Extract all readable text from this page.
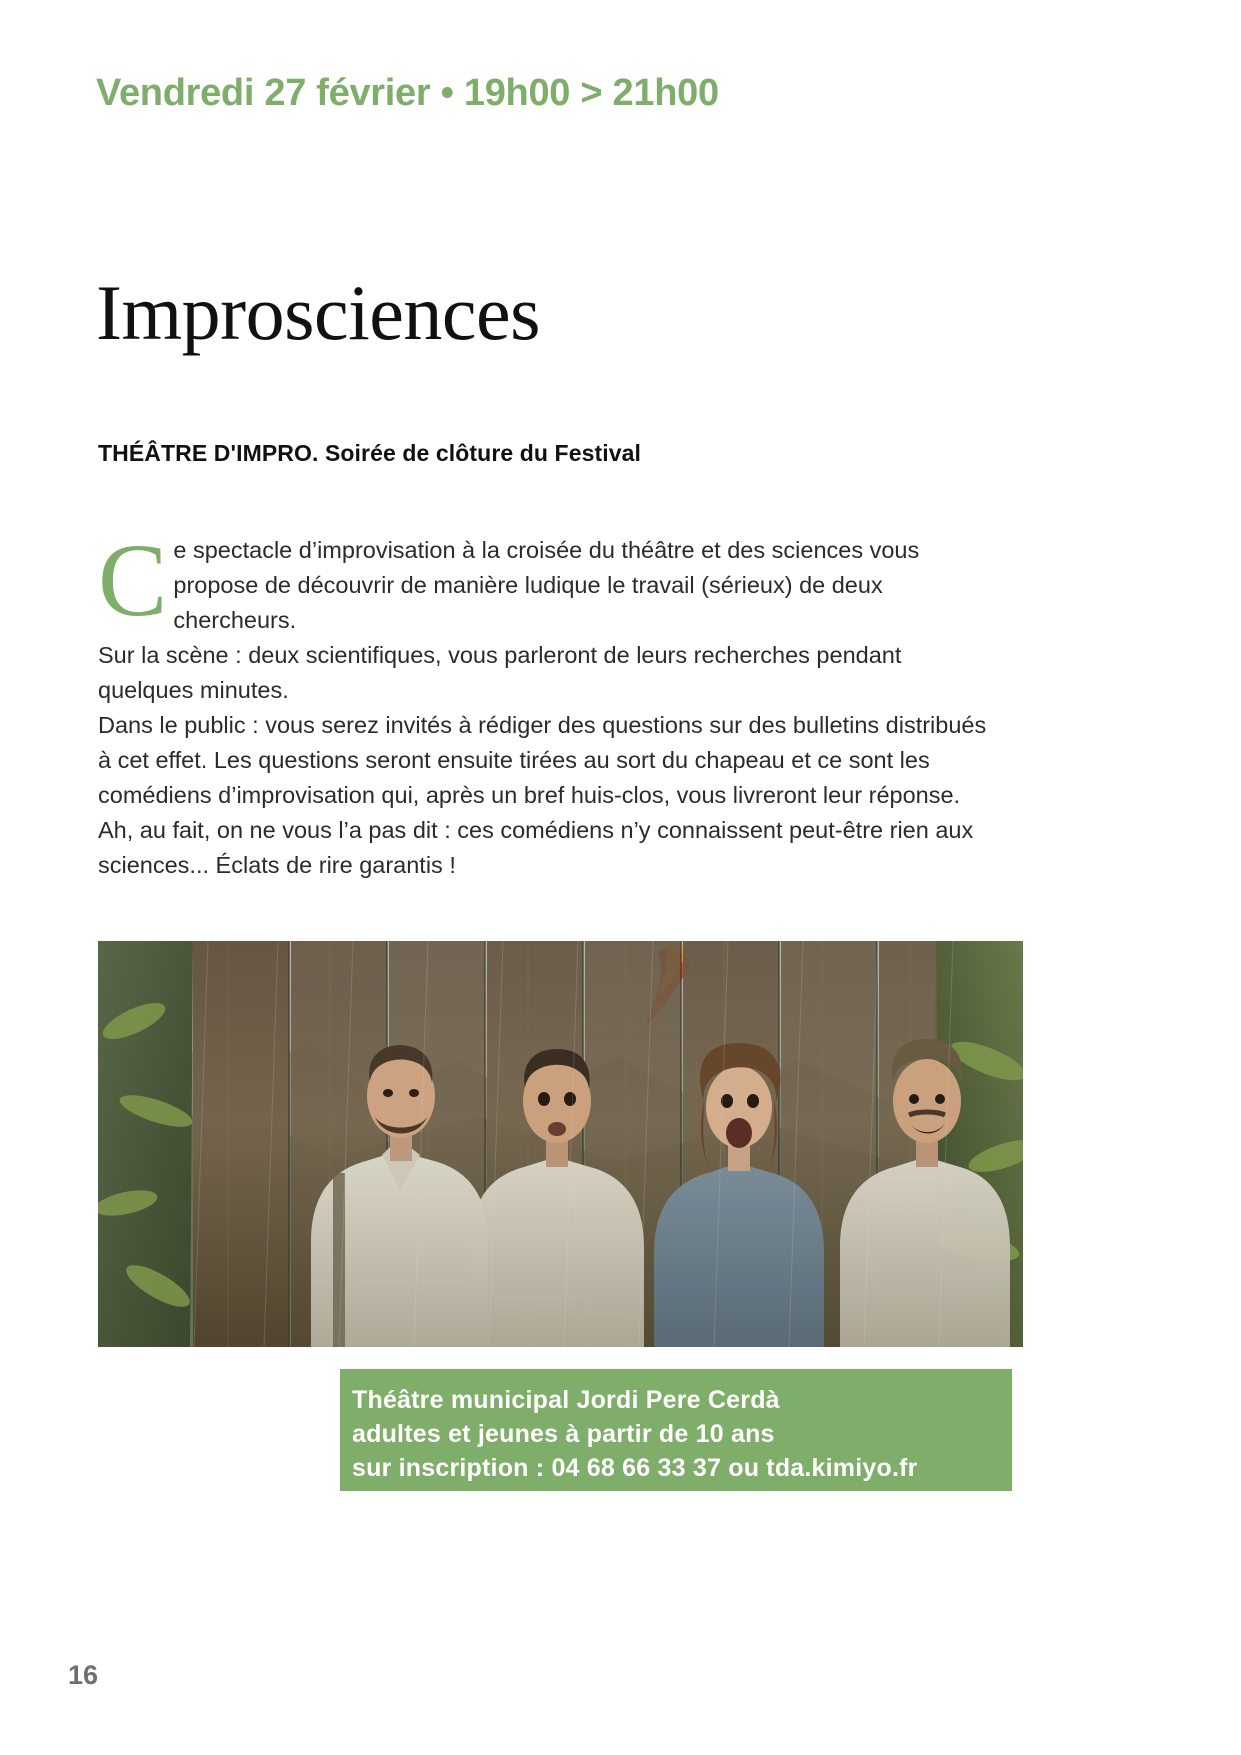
Vendredi 27 février • 19h00 > 21h00
Improsciences
THÉÂTRE D'IMPRO. Soirée de clôture du Festival

Ce spectacle d’improvisation à la croisée du théâtre et des sciences vous propose de découvrir de manière ludique le travail (sérieux) de deux chercheurs.

Sur la scène : deux scientifiques, vous parleront de leurs recherches pendant quelques minutes.

Dans le public : vous serez invités à rédiger des questions sur des bulletins distribués à cet effet. Les questions seront ensuite tirées au sort du chapeau et ce sont les comédiens d’improvisation qui, après un bref huis-clos, vous livreront leur réponse.

Ah, au fait, on ne vous l’a pas dit : ces comédiens n’y connaissent peut-être rien aux sciences... Éclats de rire garantis !

Théâtre municipal Jordi Pere Cerdà
adultes et jeunes à partir de 10 ans
sur inscription : 04 68 66 33 37 ou tda.kimiyo.fr
16
